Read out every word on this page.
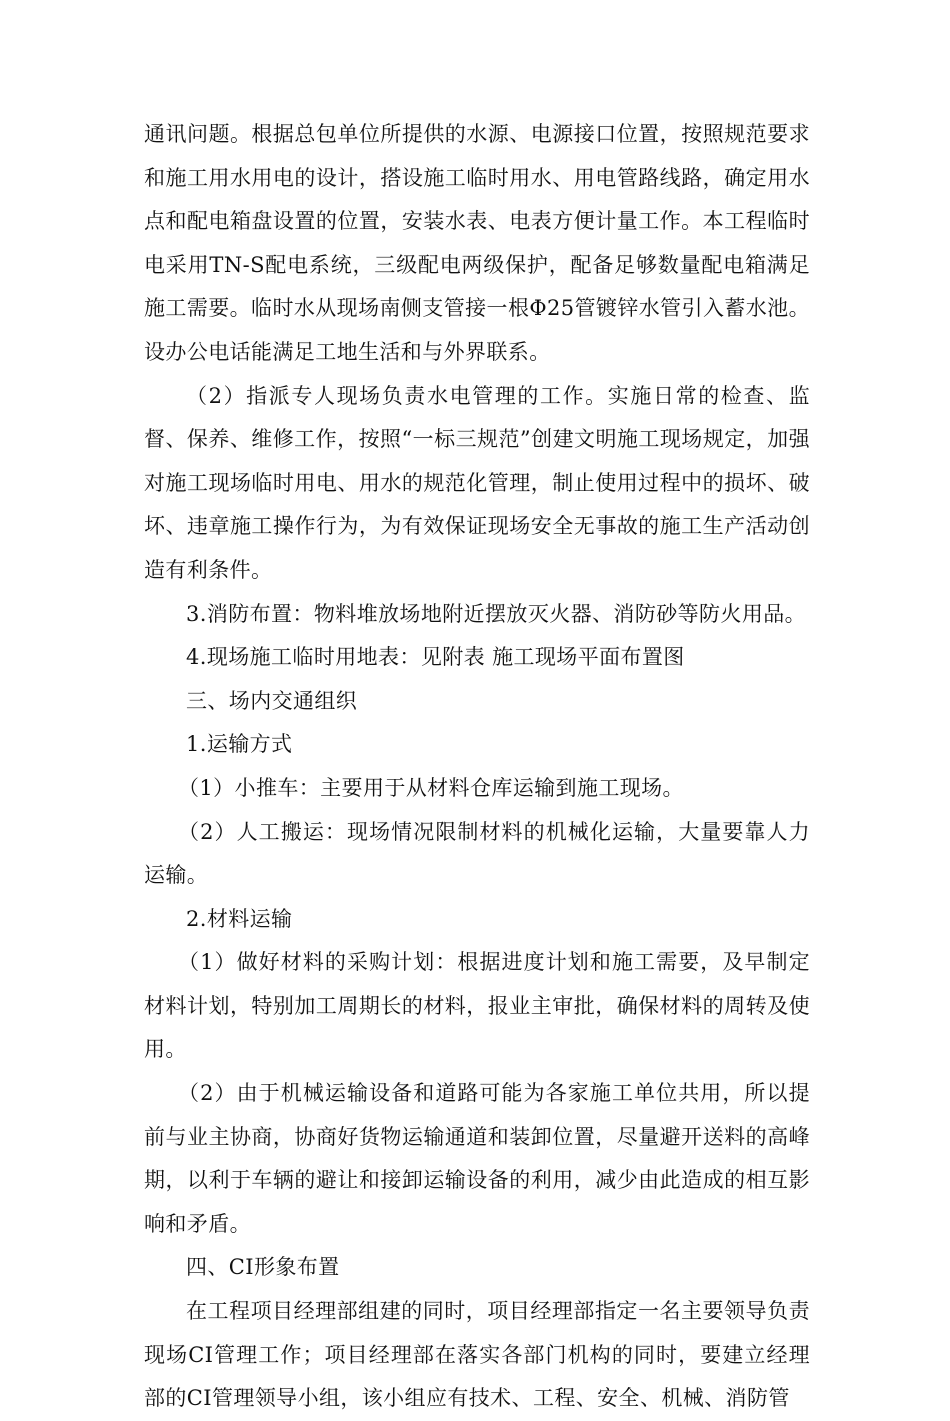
通讯问题。根据总包单位所提供的水源、电源接口位置，按照规范要求和施工用水用电的设计，搭设施工临时用水、用电管路线路，确定用水点和配电箱盘设置的位置，安装水表、电表方便计量工作。本工程临时电采用TN-S配电系统，三级配电两级保护，配备足够数量配电箱满足施工需要。临时水从现场南侧支管接一根Φ25管镀锌水管引入蓄水池。设办公电话能满足工地生活和与外界联系。

（2）指派专人现场负责水电管理的工作。实施日常的检查、监督、保养、维修工作，按照“一标三规范”创建文明施工现场规定，加强对施工现场临时用电、用水的规范化管理，制止使用过程中的损坏、破坏、违章施工操作行为，为有效保证现场安全无事故的施工生产活动创造有利条件。

3.消防布置：物料堆放场地附近摆放灭火器、消防砂等防火用品。

4.现场施工临时用地表：见附表 施工现场平面布置图

三、场内交通组织

1.运输方式

（1）小推车：主要用于从材料仓库运输到施工现场。

（2）人工搬运：现场情况限制材料的机械化运输，大量要靠人力运输。

2.材料运输

（1）做好材料的采购计划：根据进度计划和施工需要，及早制定材料计划，特别加工周期长的材料，报业主审批，确保材料的周转及使用。

（2）由于机械运输设备和道路可能为各家施工单位共用，所以提前与业主协商，协商好货物运输通道和装卸位置，尽量避开送料的高峰期，以利于车辆的避让和接卸运输设备的利用，减少由此造成的相互影响和矛盾。

四、CI形象布置

在工程项目经理部组建的同时，项目经理部指定一名主要领导负责现场CI管理工作；项目经理部在落实各部门机构的同时，要建立经理部的CI管理领导小组，该小组应有技术、工程、安全、机械、消防管
